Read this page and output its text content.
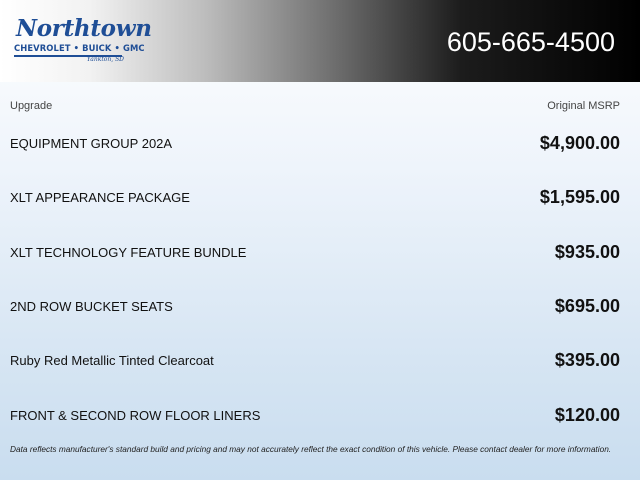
Northtown
CHEVROLET • BUICK • GMC
Yankton, SD
605-665-4500
Upgrade	Original MSRP
EQUIPMENT GROUP 202A	$4,900.00
XLT APPEARANCE PACKAGE	$1,595.00
XLT TECHNOLOGY FEATURE BUNDLE	$935.00
2ND ROW BUCKET SEATS	$695.00
Ruby Red Metallic Tinted Clearcoat	$395.00
FRONT & SECOND ROW FLOOR LINERS	$120.00
Data reflects manufacturer's standard build and pricing and may not accurately reflect the exact condition of this vehicle. Please contact dealer for more information.
